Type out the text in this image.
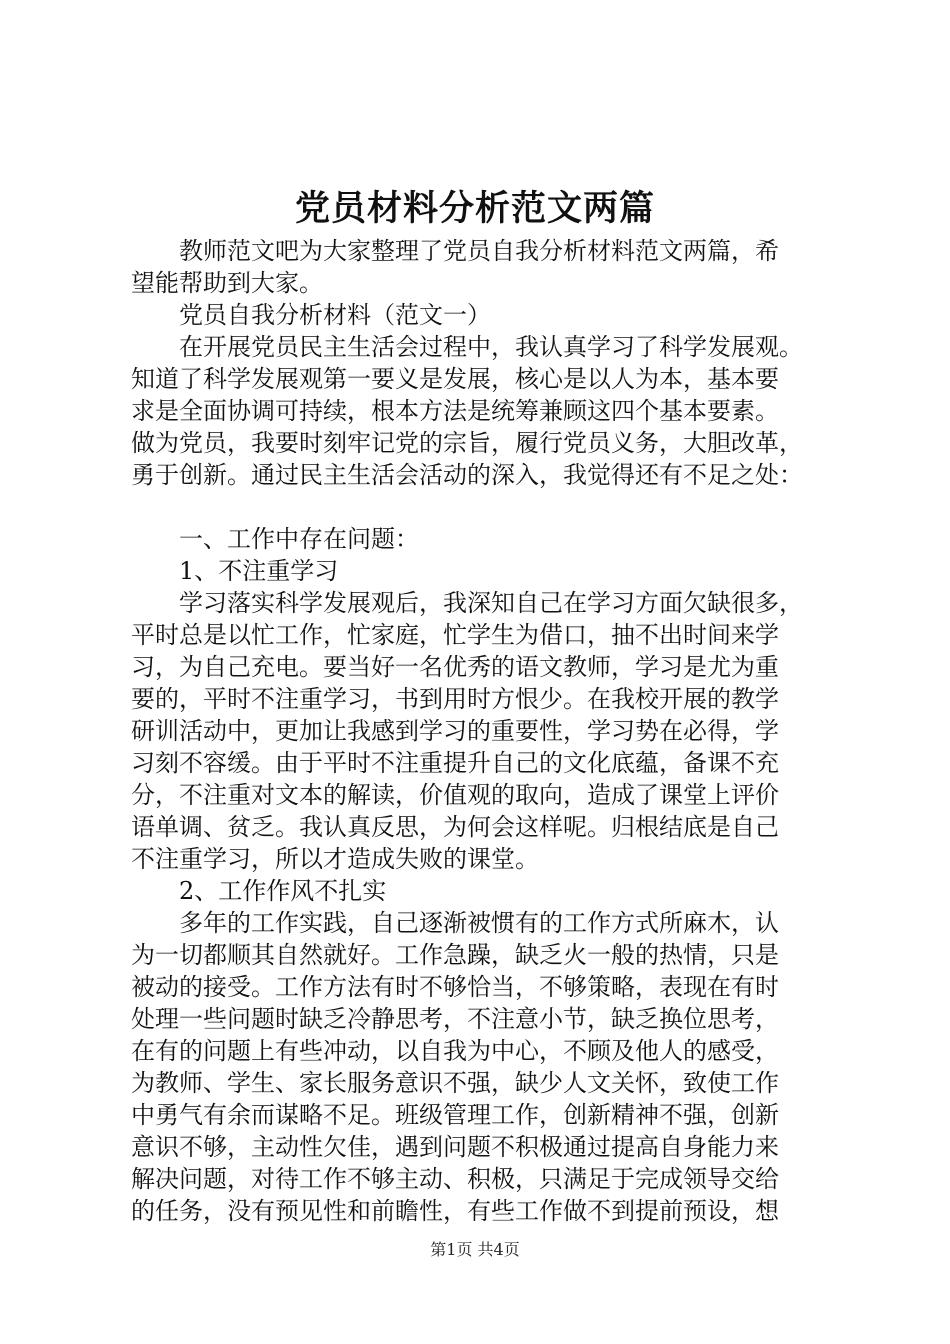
党员材料分析范文两篇
教师范文吧为大家整理了党员自我分析材料范文两篇，希
望能帮助到大家。
党员自我分析材料（范文一）
在开展党员民主生活会过程中，我认真学习了科学发展观。
知道了科学发展观第一要义是发展，核心是以人为本，基本要
求是全面协调可持续，根本方法是统筹兼顾这四个基本要素。
做为党员，我要时刻牢记党的宗旨，履行党员义务，大胆改革，
勇于创新。通过民主生活会活动的深入，我觉得还有不足之处：
一、工作中存在问题：
1、不注重学习
学习落实科学发展观后，我深知自己在学习方面欠缺很多，
平时总是以忙工作，忙家庭，忙学生为借口，抽不出时间来学
习，为自己充电。要当好一名优秀的语文教师，学习是尤为重
要的，平时不注重学习，书到用时方恨少。在我校开展的教学
研训活动中，更加让我感到学习的重要性，学习势在必得，学
习刻不容缓。由于平时不注重提升自己的文化底蕴，备课不充
分，不注重对文本的解读，价值观的取向，造成了课堂上评价
语单调、贫乏。我认真反思，为何会这样呢。归根结底是自己
不注重学习，所以才造成失败的课堂。
2、工作作风不扎实
多年的工作实践，自己逐渐被惯有的工作方式所麻木，认
为一切都顺其自然就好。工作急躁，缺乏火一般的热情，只是
被动的接受。工作方法有时不够恰当，不够策略，表现在有时
处理一些问题时缺乏冷静思考，不注意小节，缺乏换位思考，
在有的问题上有些冲动，以自我为中心，不顾及他人的感受，
为教师、学生、家长服务意识不强，缺少人文关怀，致使工作
中勇气有余而谋略不足。班级管理工作，创新精神不强，创新
意识不够，主动性欠佳，遇到问题不积极通过提高自身能力来
解决问题，对待工作不够主动、积极，只满足于完成领导交给
的任务，没有预见性和前瞻性，有些工作做不到提前预设，想
第1页 共4页
